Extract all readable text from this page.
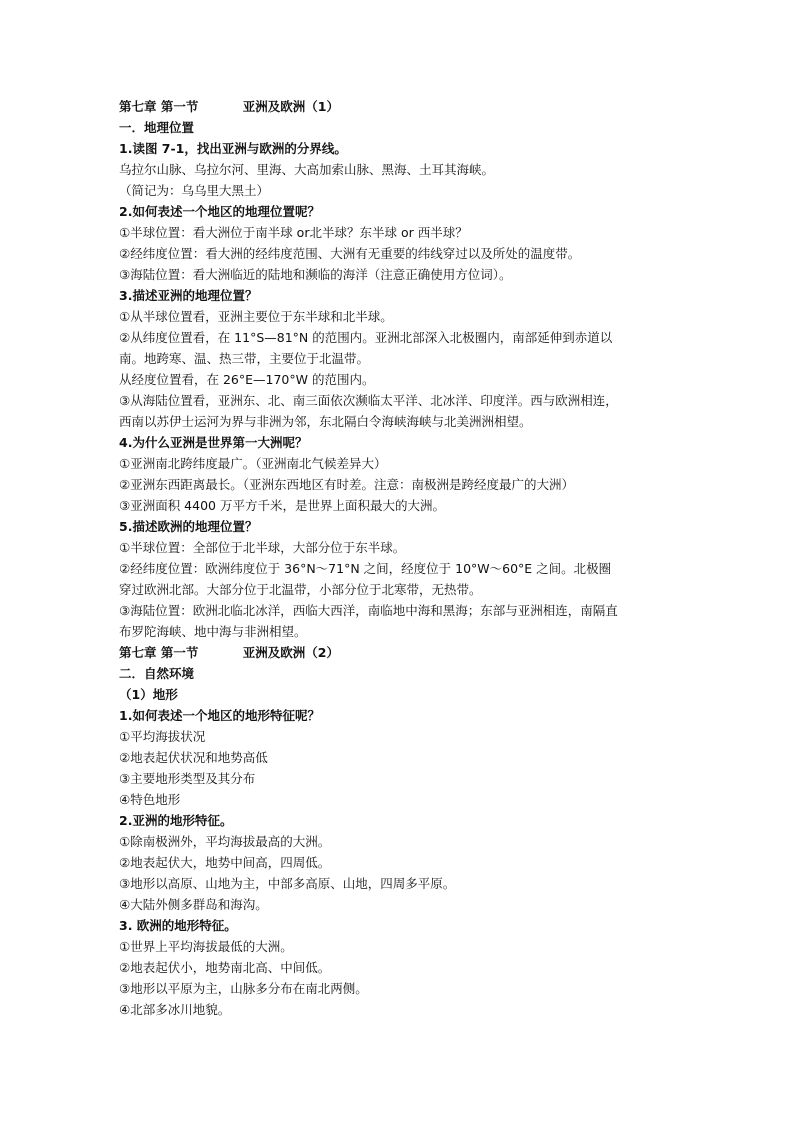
第七章 第一节	亚洲及欧洲（1）
一．地理位置
1.读图 7-1，找出亚洲与欧洲的分界线。
乌拉尔山脉、乌拉尔河、里海、大高加索山脉、黑海、土耳其海峡。
（简记为：乌乌里大黑土）
2.如何表述一个地区的地理位置呢？
①半球位置：看大洲位于南半球 or北半球？东半球 or 西半球？
②经纬度位置：看大洲的经纬度范围、大洲有无重要的纬线穿过以及所处的温度带。
③海陆位置：看大洲临近的陆地和濒临的海洋（注意正确使用方位词）。
3.描述亚洲的地理位置？
①从半球位置看，亚洲主要位于东半球和北半球。
②从纬度位置看，在 11°S—81°N 的范围内。亚洲北部深入北极圈内，南部延伸到赤道以
南。地跨寒、温、热三带，主要位于北温带。
从经度位置看，在 26°E—170°W 的范围内。
③从海陆位置看，亚洲东、北、南三面依次濒临太平洋、北冰洋、印度洋。西与欧洲相连，
西南以苏伊士运河为界与非洲为邻，东北隔白令海峡海峡与北美洲洲相望。
4.为什么亚洲是世界第一大洲呢？
①亚洲南北跨纬度最广。（亚洲南北气候差异大）
②亚洲东西距离最长。（亚洲东西地区有时差。注意：南极洲是跨经度最广的大洲）
③亚洲面积 4400 万平方千米，是世界上面积最大的大洲。
5.描述欧洲的地理位置？
①半球位置：全部位于北半球，大部分位于东半球。
②经纬度位置：欧洲纬度位于 36°N～71°N 之间，经度位于 10°W～60°E 之间。北极圈
穿过欧洲北部。大部分位于北温带，小部分位于北寒带，无热带。
③海陆位置：欧洲北临北冰洋，西临大西洋，南临地中海和黑海；东部与亚洲相连，南隔直
布罗陀海峡、地中海与非洲相望。
第七章 第一节	亚洲及欧洲（2）
二．自然环境
（1）地形
1.如何表述一个地区的地形特征呢？
①平均海拔状况
②地表起伏状况和地势高低
③主要地形类型及其分布
④特色地形
2.亚洲的地形特征。
①除南极洲外，平均海拔最高的大洲。
②地表起伏大，地势中间高，四周低。
③地形以高原、山地为主，中部多高原、山地，四周多平原。
④大陆外侧多群岛和海沟。
3. 欧洲的地形特征。
①世界上平均海拔最低的大洲。
②地表起伏小，地势南北高、中间低。
③地形以平原为主，山脉多分布在南北两侧。
④北部多冰川地貌。
